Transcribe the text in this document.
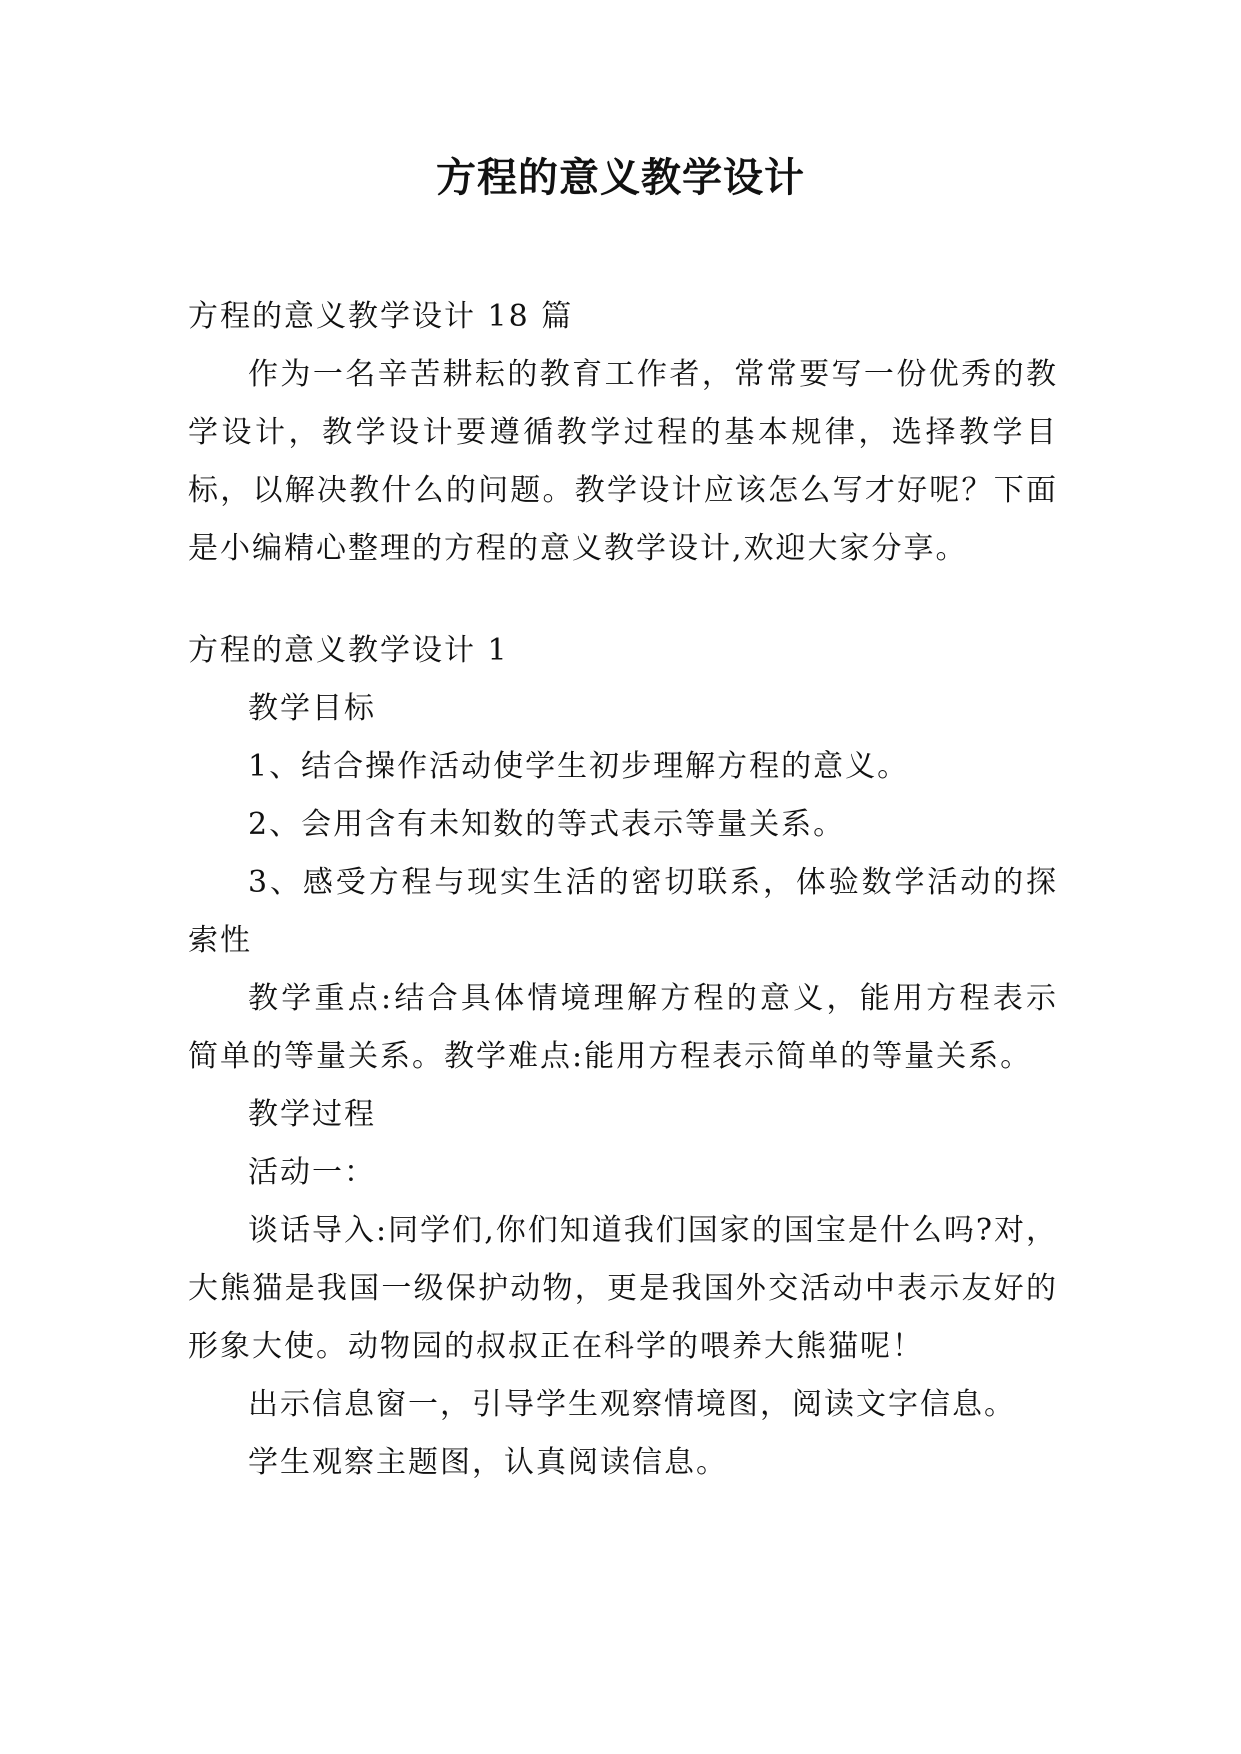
方程的意义教学设计

方程的意义教学设计 18 篇

作为一名辛苦耕耘的教育工作者，常常要写一份优秀的教学设计，教学设计要遵循教学过程的基本规律，选择教学目标，以解决教什么的问题。教学设计应该怎么写才好呢？下面是小编精心整理的方程的意义教学设计,欢迎大家分享。

方程的意义教学设计 1

教学目标

1、结合操作活动使学生初步理解方程的意义。

2、会用含有未知数的等式表示等量关系。

3、感受方程与现实生活的密切联系，体验数学活动的探索性

教学重点:结合具体情境理解方程的意义，能用方程表示简单的等量关系。教学难点:能用方程表示简单的等量关系。

教学过程

活动一：

谈话导入:同学们,你们知道我们国家的国宝是什么吗?对，大熊猫是我国一级保护动物，更是我国外交活动中表示友好的形象大使。动物园的叔叔正在科学的喂养大熊猫呢！

出示信息窗一，引导学生观察情境图，阅读文字信息。

学生观察主题图，认真阅读信息。
